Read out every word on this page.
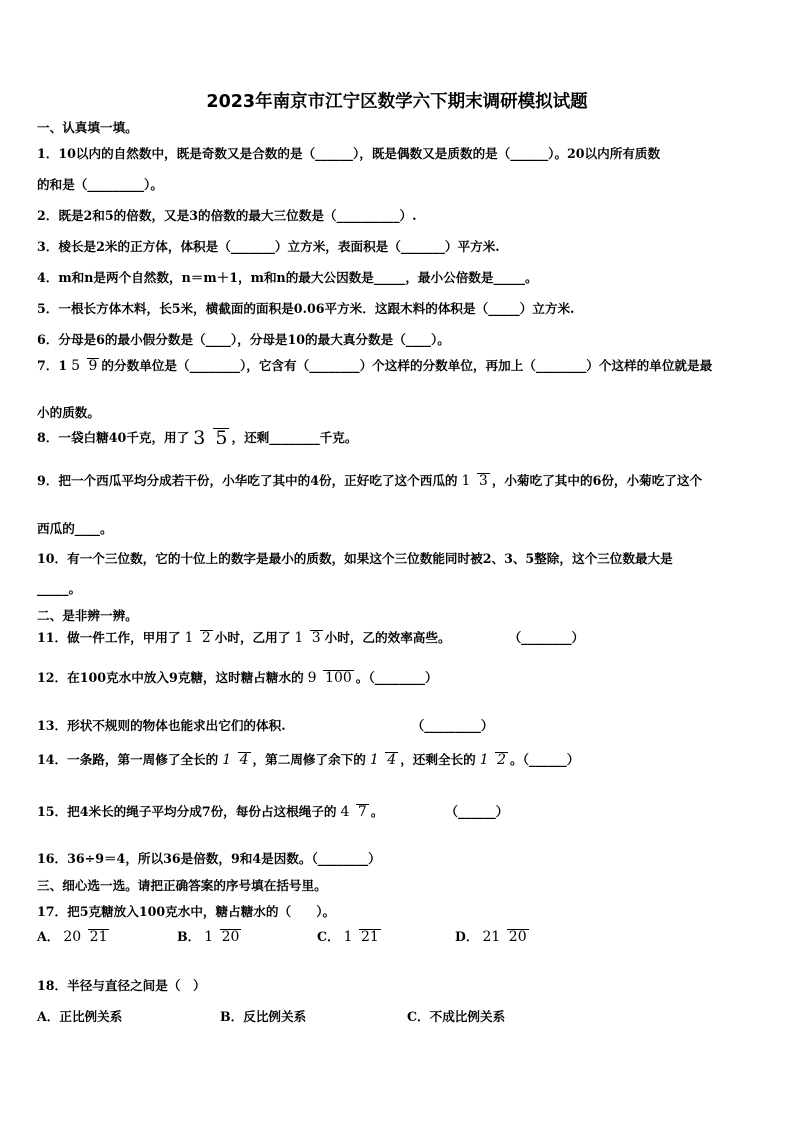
2023年南京市江宁区数学六下期末调研模拟试题
一、认真填一填。
1．10以内的自然数中，既是奇数又是合数的是（______），既是偶数又是质数的是（______）。20以内所有质数
的和是（_________）。
2．既是2和5的倍数，又是3的倍数的最大三位数是（__________）.
3．棱长是2米的正方体，体积是（_______）立方米，表面积是（_______）平方米.
4．m和n是两个自然数，n＝m＋1，m和n的最大公因数是_____，最小公倍数是_____。
5．一根长方体木料，长5米，横截面的面积是0.06平方米．这跟木料的体积是（_____）立方米.
6．分母是6的最小假分数是（____），分母是10的最大真分数是（____）。
7．1 5 9 的分数单位是（________），它含有（________）个这样的分数单位，再加上（________）个这样的单位就是最
小的质数。
8．一袋白糖40千克，用了 3 5 ，还剩________千克。
9．把一个西瓜平均分成若干份，小华吃了其中的4份，正好吃了这个西瓜的 1 3 ，小菊吃了其中的6份，小菊吃了这个
西瓜的____。
10．有一个三位数，它的十位上的数字是最小的质数，如果这个三位数能同时被2、3、5整除，这个三位数最大是
_____。
二、是非辨一辨。
11．做一件工作，甲用了 1 2 小时，乙用了 1 3 小时，乙的效率高些。	（________）
12．在100克水中放入9克糖，这时糖占糖水的 9 100 。（________）
13．形状不规则的物体也能求出它们的体积.	（_________）
14．一条路，第一周修了全长的 1 4 ，第二周修了余下的 1 4 ，还剩全长的 1 2 。（______）
15．把4米长的绳子平均分成7份，每份占这根绳子的 4 7 。	（______）
16．36÷9＝4，所以36是倍数，9和4是因数。（________）
三、细心选一选。请把正确答案的序号填在括号里。
17．把5克糖放入100克水中，糖占糖水的（　　）。
A． 20 21	B． 1 20	C． 1 21	D． 21 20
18．半径与直径之间是（　）
A．正比例关系	B．反比例关系	C．不成比例关系
